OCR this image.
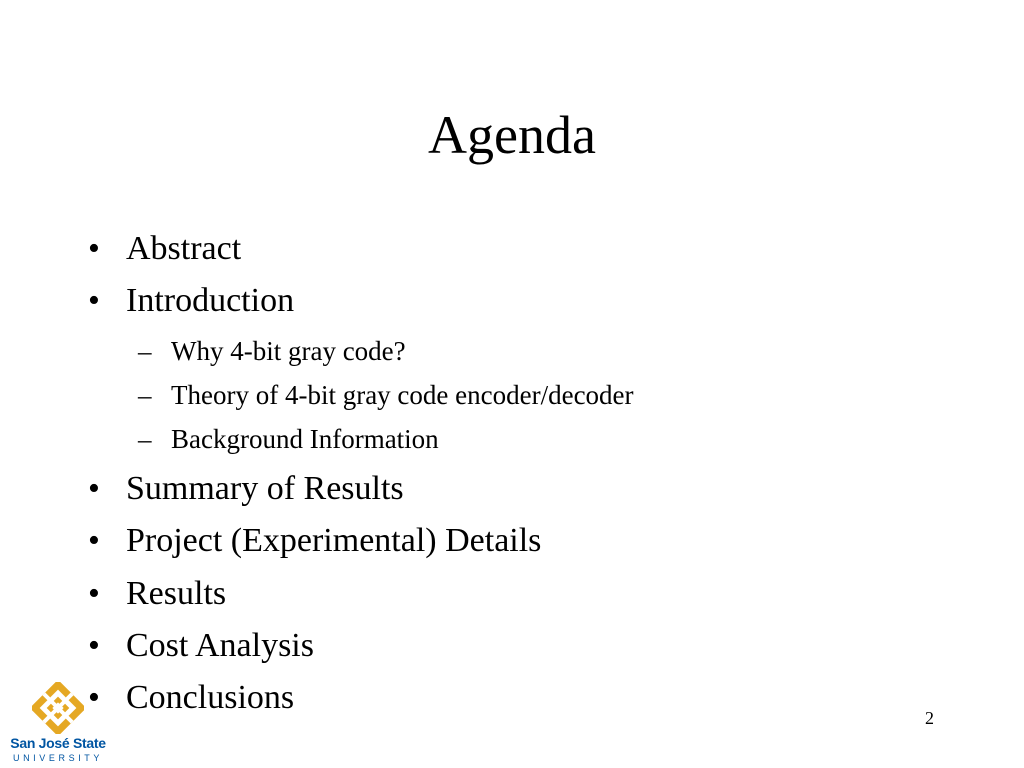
Agenda
• Abstract
• Introduction
– Why 4-bit gray code?
– Theory of 4-bit gray code encoder/decoder
– Background Information
• Summary of Results
• Project (Experimental) Details
• Results
• Cost Analysis
• Conclusions
2
San José State
UNIVERSITY
